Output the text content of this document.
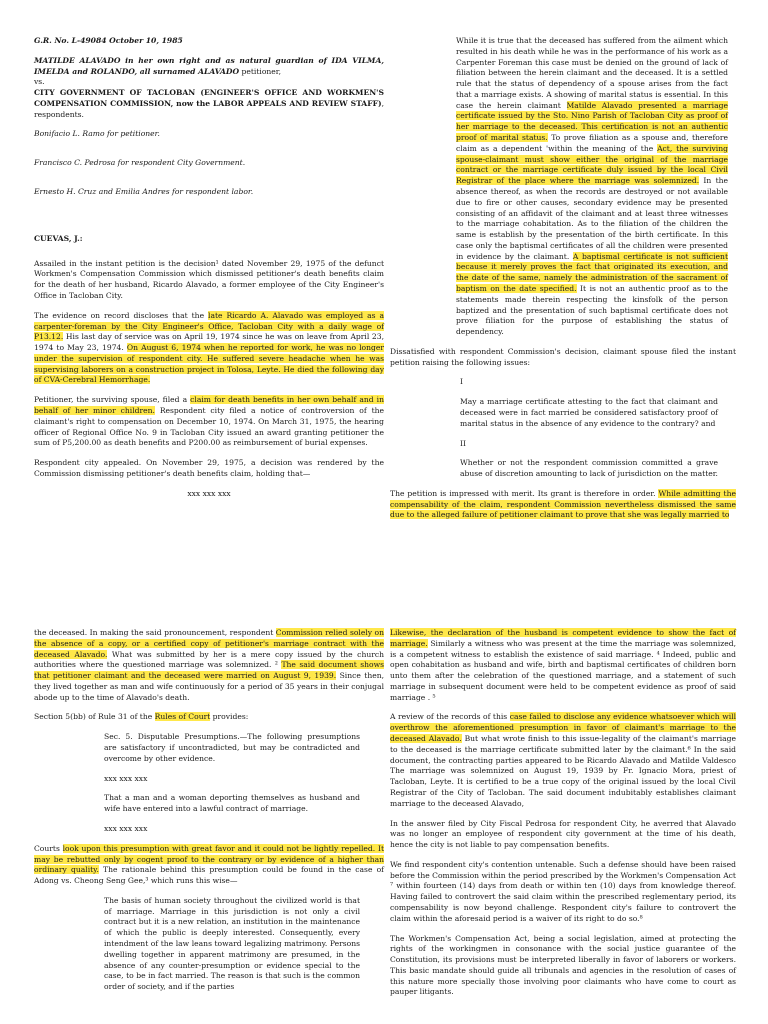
G.R. No. L-49084 October 10, 1985

MATILDE ALAVADO in her own right and as natural guardian of IDA VILMA, IMELDA and ROLANDO, all surnamed ALAVADO petitioner,
vs.
CITY GOVERNMENT OF TACLOBAN (ENGINEER'S OFFICE AND WORKMEN'S COMPENSATION COMMISSION, now the LABOR APPEALS AND REVIEW STAFF), respondents.

Bonifacio L. Ramo for petitioner.

Francisco C. Pedrosa for respondent City Government.

Ernesto H. Cruz and Emilia Andres for respondent labor.

CUEVAS, J.:

Assailed in the instant petition is the decision¹ dated November 29, 1975 of the defunct Workmen's Compensation Commission which dismissed petitioner's death benefits claim for the death of her husband, Ricardo Alavado, a former employee of the City Engineer's Office in Tacloban City.

The evidence on record discloses that the late Ricardo A. Alavado was employed as a carpenter-foreman by the City Engineer's Office, Tacloban City with a daily wage of P13.12. His last day of service was on April 19, 1974 since he was on leave from April 23, 1974 to May 23, 1974. On August 6, 1974 when he reported for work, he was no longer under the supervision of respondent city. He suffered severe headache when he was supervising laborers on a construction project in Tolosa, Leyte. He died the following day of CVA-Cerebral Hemorrhage.

Petitioner, the surviving spouse, filed a claim for death benefits in her own behalf and in behalf of her minor children. Respondent city filed a notice of controversion of the claimant's right to compensation on December 10, 1974. On March 31, 1975, the hearing officer of Regional Office No. 9 in Tacloban City issued an award granting petitioner the sum of P5,200.00 as death benefits and P200.00 as reimbursement of burial expenses.

Respondent city appealed. On November 29, 1975, a decision was rendered by the Commission dismissing petitioner's death benefits claim, holding that—

xxx xxx xxx

While it is true that the deceased has suffered from the ailment which resulted in his death while he was in the performance of his work as a Carpenter Foreman this case must be denied on the ground of lack of filiation between the herein claimant and the deceased. It is a settled rule that the status of dependency of a spouse arises from the fact that a marriage exists. A showing of marital status is essential. In this case the herein claimant Matilde Alavado presented a marriage certificate issued by the Sto. Nino Parish of Tacloban City as proof of her marriage to the deceased. This certification is not an authentic proof of marital status. To prove filiation as a spouse and, therefore claim as a dependent 'within the meaning of the Act, the surviving spouse-claimant must show either the original of the marriage contract or the marriage certificate duly issued by the local Civil Registrar of the place where the marriage was solemnized. In the absence thereof, as when the records are destroyed or not available due to fire or other causes, secondary evidence may be presented consisting of an affidavit of the claimant and at least three witnesses to the marriage cohabitation. As to the filiation of the children the same is establish by the presentation of the birth certificate. In this case only the baptismal certificates of all the children were presented in evidence by the claimant. A baptismal certificate is not sufficient because it merely proves the fact that originated its execution, and the date of the same, namely the administration of the sacrament of baptism on the date specified. It is not an authentic proof as to the statements made therein respecting the kinsfolk of the person baptized and the presentation of such baptismal certificate does not prove filiation for the purpose of establishing the status of dependency.

Dissatisfied with respondent Commission's decision, claimant spouse filed the instant petition raising the following issues:

I

May a marriage certificate attesting to the fact that claimant and deceased were in fact married be considered satisfactory proof of marital status in the absence of any evidence to the contrary? and

II

Whether or not the respondent commission committed a grave abuse of discretion amounting to lack of jurisdiction on the matter.

The petition is impressed with merit. Its grant is therefore in order. While admitting the compensability of the claim, respondent Commission nevertheless dismissed the same due to the alleged failure of petitioner claimant to prove that she was legally married to

the deceased. In making the said pronouncement, respondent Commission relied solely on the absence of a copy, or a certified copy of petitioner's marriage contract with the deceased Alavado. What was submitted by her is a mere copy issued by the church authorities where the questioned marriage was solemnized. ² The said document shows that petitioner claimant and the deceased were married on August 9, 1939. Since then, they lived together as man and wife continuously for a period of 35 years in their conjugal abode up to the time of Alavado's death.

Section 5(bb) of Rule 31 of the Rules of Court provides:

Sec. 5. Disputable Presumptions.—The following presumptions are satisfactory if uncontradicted, but may be contradicted and overcome by other evidence.

xxx xxx xxx

That a man and a woman deporting themselves as husband and wife have entered into a lawful contract of marriage.

xxx xxx xxx

Courts look upon this presumption with great favor and it could not be lightly repelled. It may be rebutted only by cogent proof to the contrary or by evidence of a higher than ordinary quality. The rationale behind this presumption could be found in the case of Adong vs. Cheong Seng Gee,³ which runs this wise—

The basis of human society throughout the civilized world is that of marriage. Marriage in this jurisdiction is not only a civil contract but it is a new relation, an institution in the maintenance of which the public is deeply interested. Consequently, every intendment of the law leans toward legalizing matrimony. Persons dwelling together in apparent matrimony are presumed, in the absence of any counter-presumption or evidence special to the case, to be in fact married. The reason is that such is the common order of society, and if the parties

Likewise, the declaration of the husband is competent evidence to show the fact of marriage. Similarly a witness who was present at the time the marriage was solemnized, is a competent witness to establish the existence of said marriage. ⁴ Indeed, public and open cohabitation as husband and wife, birth and baptismal certificates of children born unto them after the celebration of the questioned marriage, and a statement of such marriage in subsequent document were held to be competent evidence as proof of said marriage . ⁵

A review of the records of this case failed to disclose any evidence whatsoever which will overthrow the aforementioned presumption in favor of claimant's marriage to the deceased Alavado. But what wrote finish to this issue-legality of the claimant's marriage to the deceased is the marriage certificate submitted later by the claimant.⁶ In the said document, the contracting parties appeared to be Ricardo Alavado and Matilde Valdesco The marriage was solemnized on August 19, 1939 by Fr. Ignacio Mora, priest of Tacloban, Leyte. It is certified to be a true copy of the original issued by the local Civil Registrar of the City of Tacloban. The said document indubitably establishes claimant marriage to the deceased Alavado,

In the answer filed by City Fiscal Pedrosa for respondent City, he averred that Alavado was no longer an employee of respondent city government at the time of his death, hence the city is not liable to pay compensation benefits.

We find respondent city's contention untenable. Such a defense should have been raised before the Commission within the period prescribed by the Workmen's Compensation Act ⁷ within fourteen (14) days from death or within ten (10) days from knowledge thereof. Having failed to controvert the said claim within the prescribed reglementary period, its compensability is now beyond challenge. Respondent city's failure to controvert the claim within the aforesaid period is a waiver of its right to do so.⁸

The Workmen's Compensation Act, being a social legislation, aimed at protecting the rights of the workingmen in consonance with the social justice guarantee of the Constitution, its provisions must be interpreted liberally in favor of laborers or workers. This basic mandate should guide all tribunals and agencies in the resolution of cases of this nature more specially those involving poor claimants who have come to court as pauper litigants.
